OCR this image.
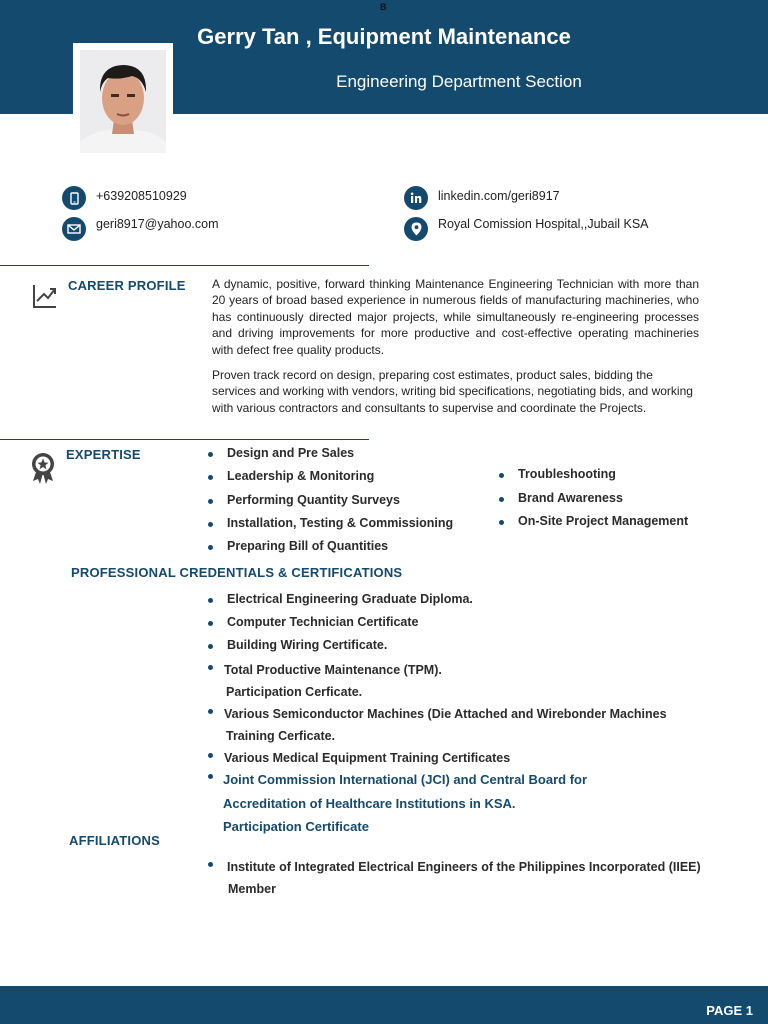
B
Gerry Tan , Equipment Maintenance
Engineering Department Section
+639208510929
geri8917@yahoo.com
linkedin.com/geri8917
Royal Comission Hospital,,Jubail KSA
CAREER PROFILE A dynamic, positive, forward thinking Maintenance Engineering Technician with more than 20 years of broad based experience in numerous fields of manufacturing machineries, who has continuously directed major projects, while simultaneously re-engineering processes and driving improvements for more productive and cost-effective operating machineries with defect free quality products.
Proven track record on design, preparing cost estimates, product sales, bidding the services and working with vendors, writing bid specifications, negotiating bids, and working with various contractors and consultants to supervise and coordinate the Projects.
EXPERTISE	Design and Pre Sales
Leadership & Monitoring
Performing Quantity Surveys
Installation, Testing & Commissioning
Preparing Bill of Quantities
Troubleshooting
Brand Awareness
On-Site Project Management
PROFESSIONAL CREDENTIALS & CERTIFICATIONS
Electrical Engineering Graduate Diploma.
Computer Technician Certificate
Building Wiring Certificate.
Total Productive Maintenance (TPM).
Participation Cerficate.
Various Semiconductor Machines (Die Attached and Wirebonder Machines
Training Cerficate.
Various Medical Equipment Training Certificates
Joint Commission International (JCI) and Central Board for
Accreditation of Healthcare Institutions in KSA.
Participation Certificate
AFFILIATIONS
Institute of Integrated Electrical Engineers of the Philippines Incorporated (IIEE)
Member
PAGE 1
